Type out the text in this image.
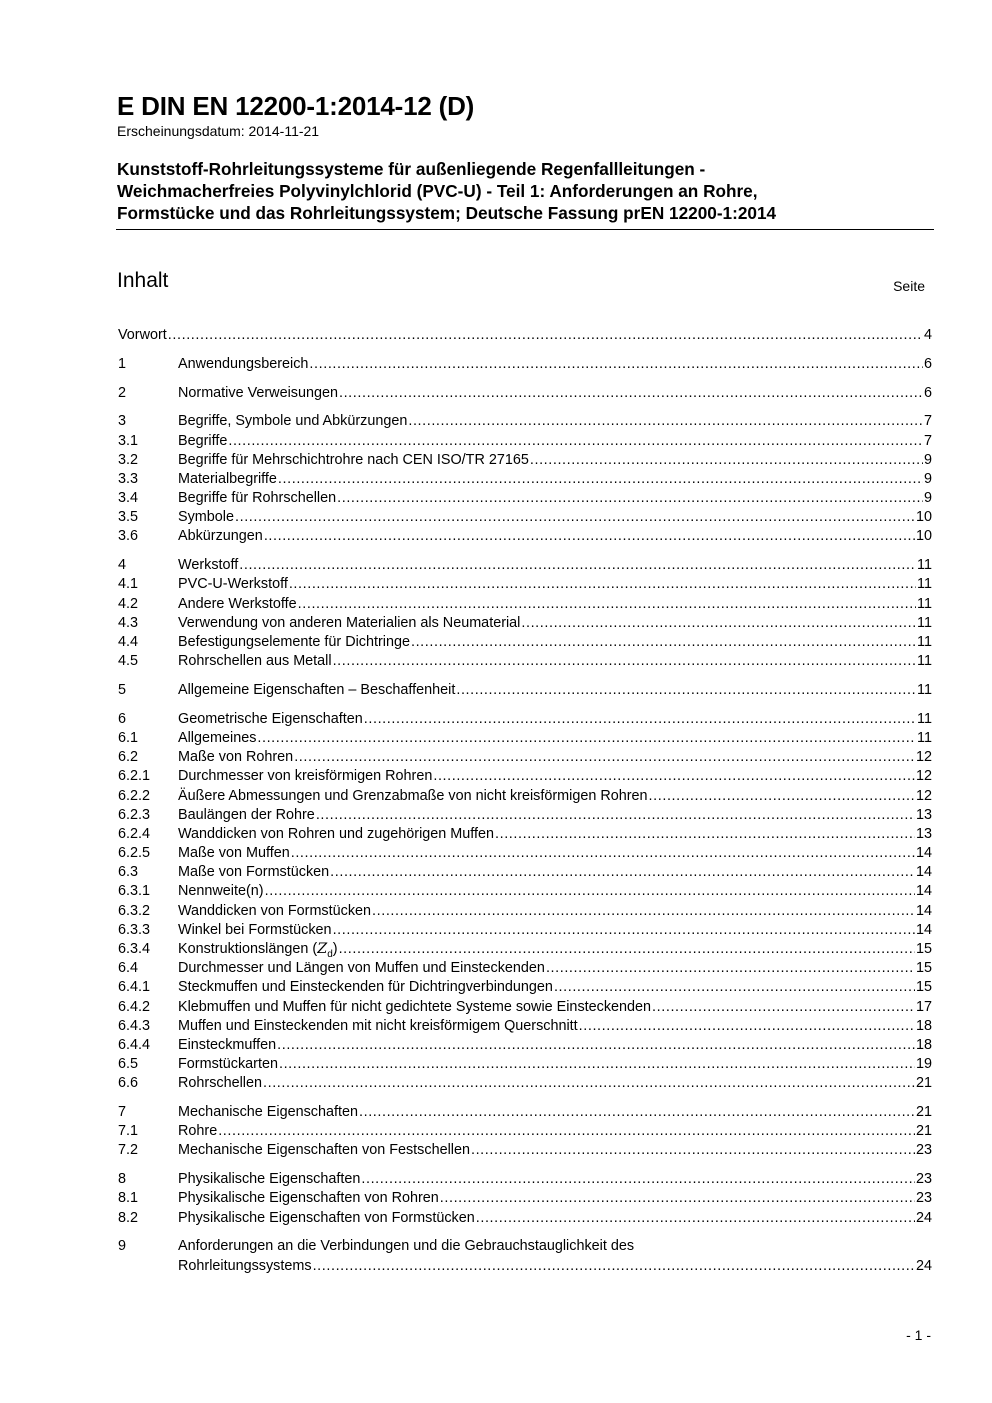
E DIN EN 12200-1:2014-12 (D)
Erscheinungsdatum: 2014-11-21
Kunststoff-Rohrleitungssysteme für außenliegende Regenfallleitungen -
Weichmacherfreies Polyvinylchlorid (PVC-U) - Teil 1: Anforderungen an Rohre,
Formstücke und das Rohrleitungssystem; Deutsche Fassung prEN 12200-1:2014
Inhalt	Seite
Vorwort .....	4
1	Anwendungsbereich .....	6
2	Normative Verweisungen .....	6
3	Begriffe, Symbole und Abkürzungen .....	7
3.1	Begriffe .....	7
3.2	Begriffe für Mehrschichtrohre nach CEN ISO/TR 27165 .....	9
3.3	Materialbegriffe .....	9
3.4	Begriffe für Rohrschellen .....	9
3.5	Symbole .....	10
3.6	Abkürzungen .....	10
4	Werkstoff .....	11
4.1	PVC-U-Werkstoff .....	11
4.2	Andere Werkstoffe .....	11
4.3	Verwendung von anderen Materialien als Neumaterial .....	11
4.4	Befestigungselemente für Dichtringe .....	11
4.5	Rohrschellen aus Metall .....	11
5	Allgemeine Eigenschaften – Beschaffenheit .....	11
6	Geometrische Eigenschaften .....	11
6.1	Allgemeines .....	11
6.2	Maße von Rohren .....	12
6.2.1 Durchmesser von kreisförmigen Rohren .....	12
6.2.2 Äußere Abmessungen und Grenzabmaße von nicht kreisförmigen Rohren .....	12
6.2.3 Baulängen der Rohre .....	13
6.2.4 Wanddicken von Rohren und zugehörigen Muffen .....	13
6.2.5 Maße von Muffen .....	14
6.3	Maße von Formstücken .....	14
6.3.1 Nennweite(n) .....	14
6.3.2 Wanddicken von Formstücken .....	14
6.3.3 Winkel bei Formstücken .....	14
6.3.4 Konstruktionslängen $(Z_d)$ .....	15
6.4	Durchmesser und Längen von Muffen und Einsteckenden .....	15
6.4.1 Steckmuffen und Einsteckenden für Dichtringverbindungen .....	15
6.4.2 Klebmuffen und Muffen für nicht gedichtete Systeme sowie Einsteckenden .....	17
6.4.3 Muffen und Einsteckenden mit nicht kreisförmigem Querschnitt .....	18
6.4.4 Einsteckmuffen .....	18
6.5	Formstückarten .....	19
6.6	Rohrschellen .....	21
7	Mechanische Eigenschaften .....	21
7.1	Rohre .....	21
7.2	Mechanische Eigenschaften von Festschellen .....	23
8	Physikalische Eigenschaften .....	23
8.1	Physikalische Eigenschaften von Rohren .....	23
8.2	Physikalische Eigenschaften von Formstücken .....	24
9	Anforderungen an die Verbindungen und die Gebrauchstauglichkeit des
Rohrleitungssystems .....	24
- 1 -
